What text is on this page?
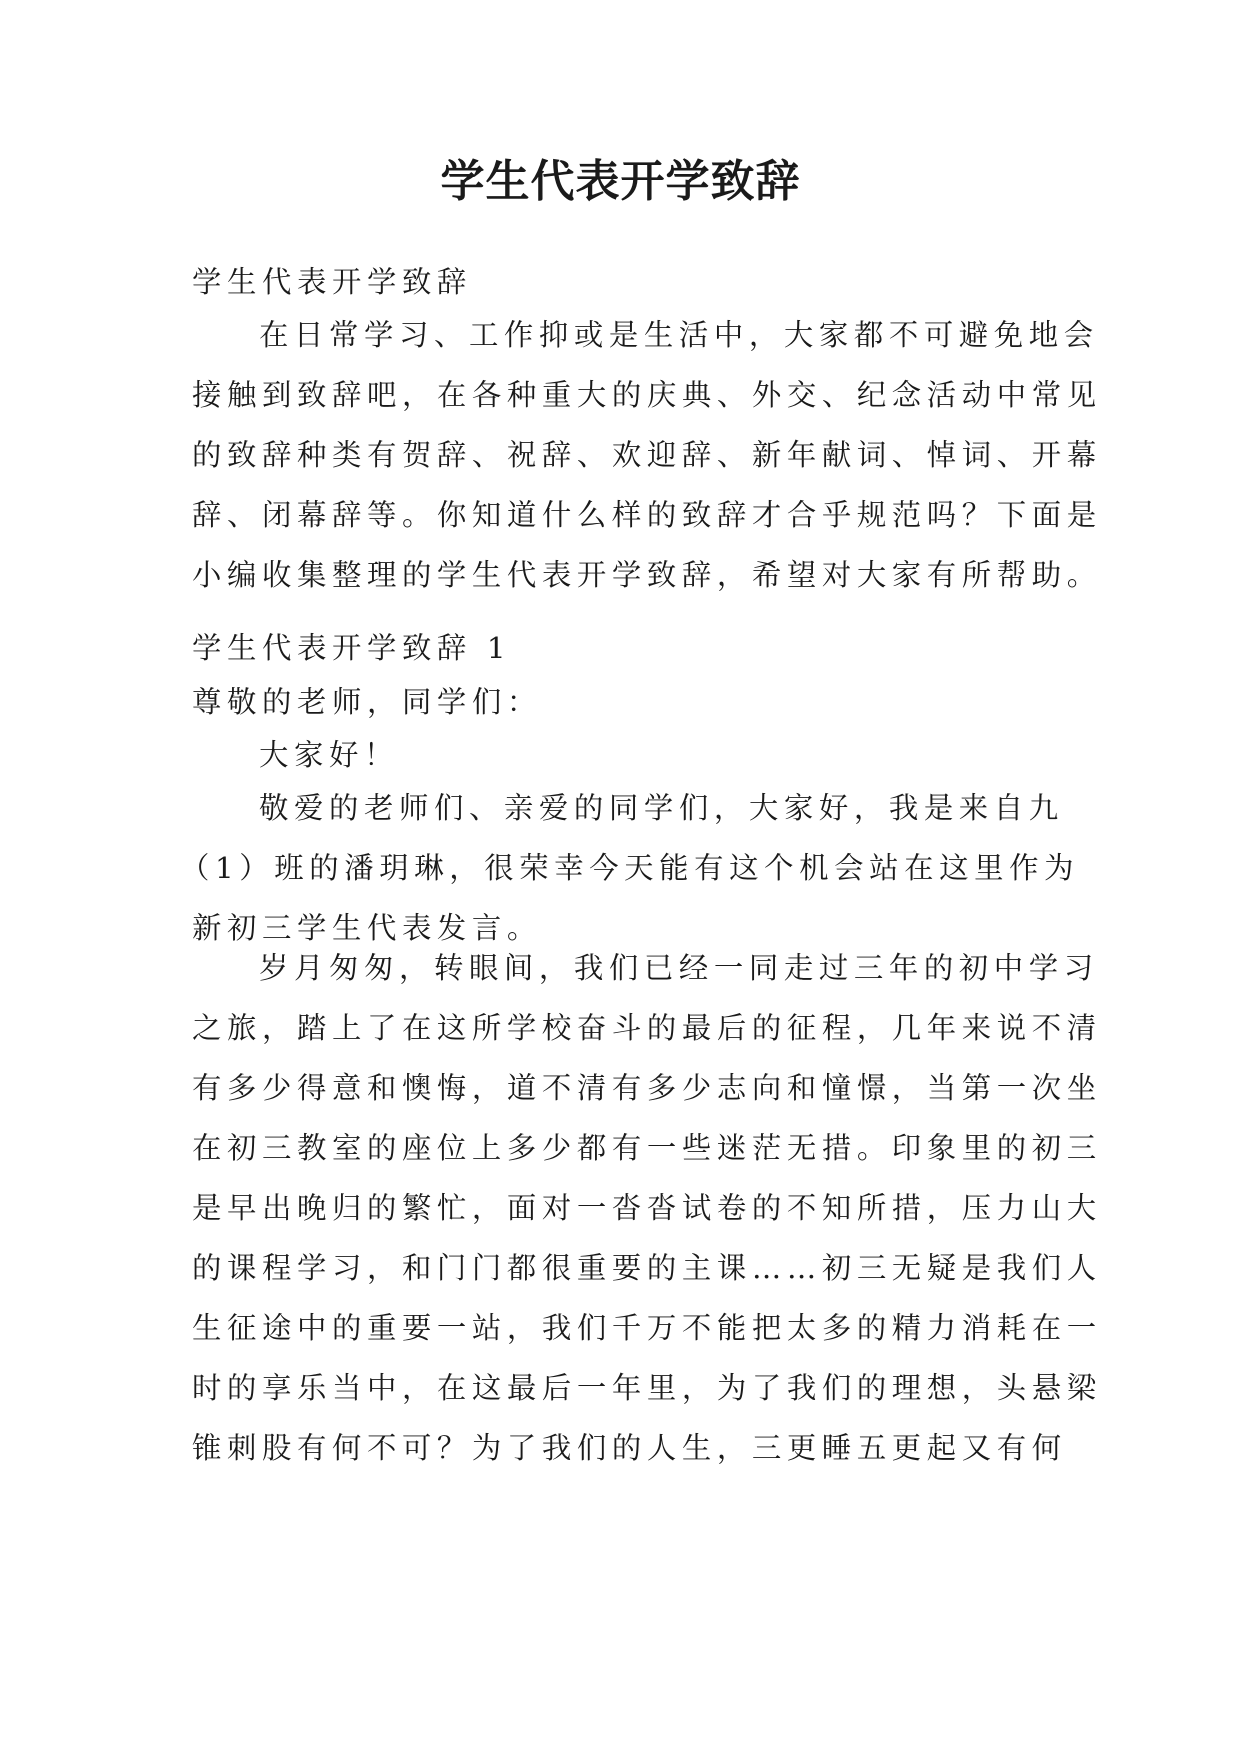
学生代表开学致辞
学生代表开学致辞
在日常学习、工作抑或是生活中，大家都不可避免地会
接触到致辞吧，在各种重大的庆典、外交、纪念活动中常见
的致辞种类有贺辞、祝辞、欢迎辞、新年献词、悼词、开幕
辞、闭幕辞等。你知道什么样的致辞才合乎规范吗？下面是
小编收集整理的学生代表开学致辞，希望对大家有所帮助。
学生代表开学致辞 1
尊敬的老师，同学们：
大家好！
敬爱的老师们、亲爱的同学们，大家好，我是来自九
（1）班的潘玥琳，很荣幸今天能有这个机会站在这里作为
新初三学生代表发言。
岁月匆匆，转眼间，我们已经一同走过三年的初中学习
之旅，踏上了在这所学校奋斗的最后的征程，几年来说不清
有多少得意和懊悔，道不清有多少志向和憧憬，当第一次坐
在初三教室的座位上多少都有一些迷茫无措。印象里的初三
是早出晚归的繁忙，面对一沓沓试卷的不知所措，压力山大
的课程学习，和门门都很重要的主课……初三无疑是我们人
生征途中的重要一站，我们千万不能把太多的精力消耗在一
时的享乐当中，在这最后一年里，为了我们的理想，头悬梁
锥刺股有何不可？为了我们的人生，三更睡五更起又有何
